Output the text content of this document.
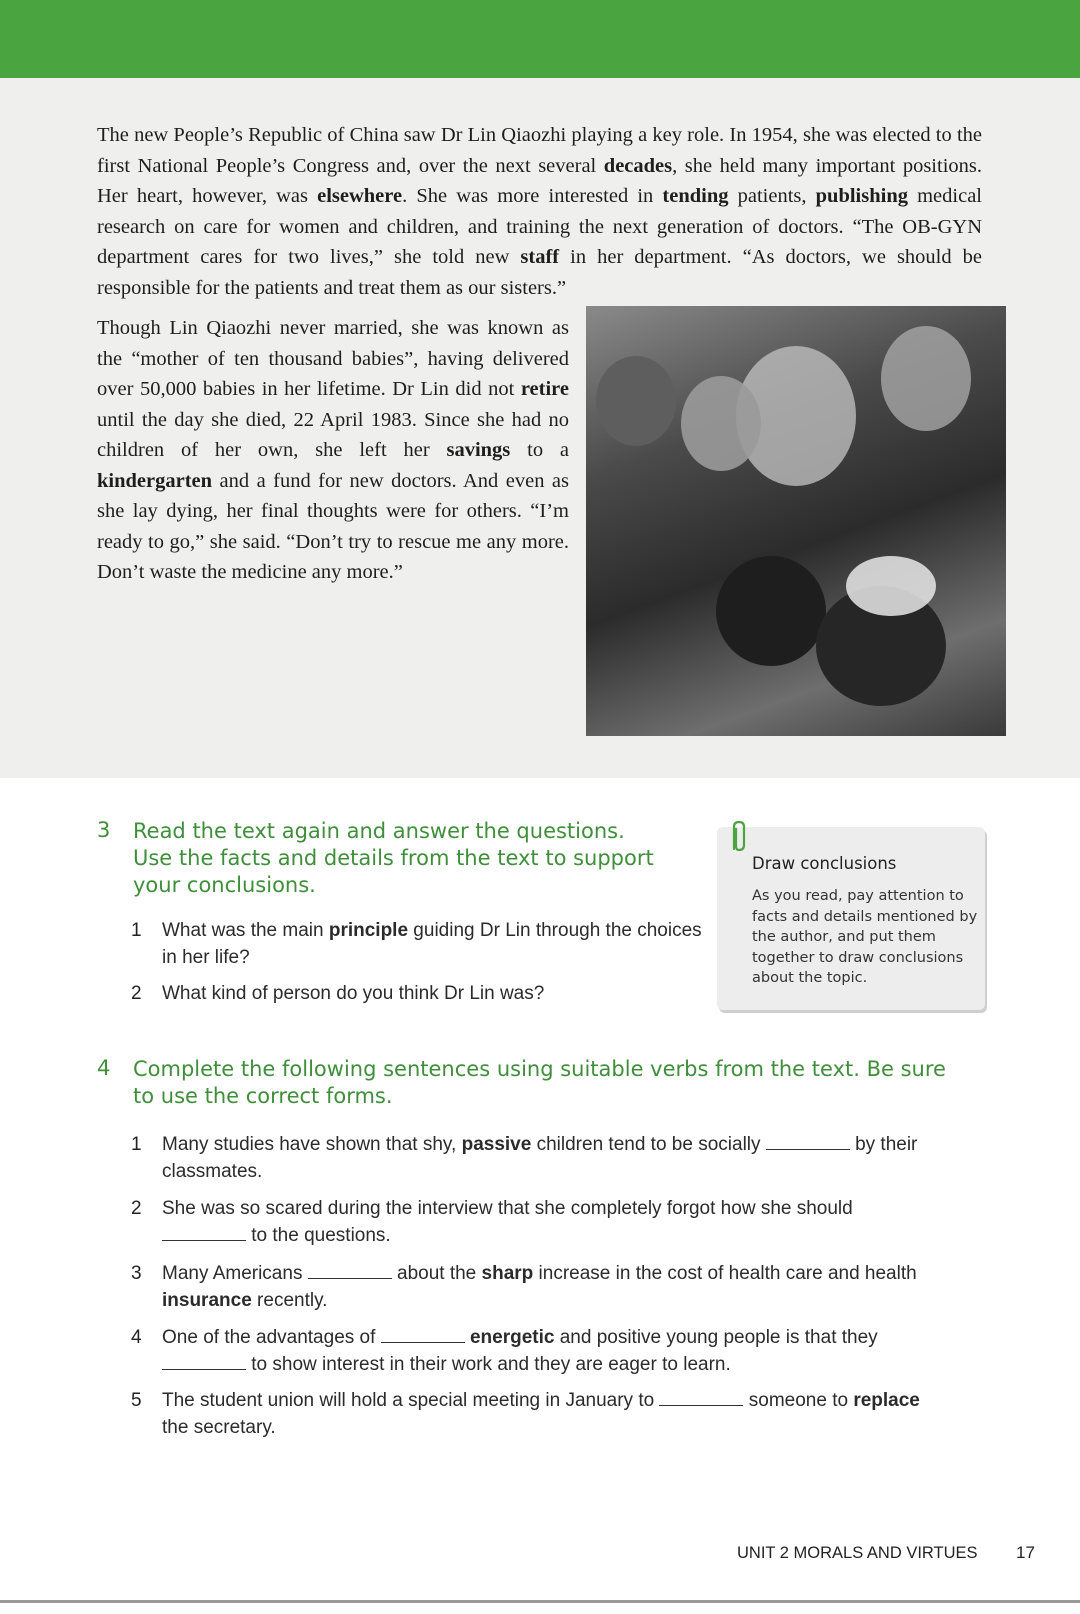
The new People’s Republic of China saw Dr Lin Qiaozhi playing a key role. In 1954, she was elected to the first National People’s Congress and, over the next several decades, she held many important positions. Her heart, however, was elsewhere. She was more interested in tending patients, publishing medical research on care for women and children, and training the next generation of doctors. “The OB-GYN department cares for two lives,” she told new staff in her department. “As doctors, we should be responsible for the patients and treat them as our sisters.”

Though Lin Qiaozhi never married, she was known as the “mother of ten thousand babies”, having delivered over 50,000 babies in her lifetime. Dr Lin did not retire until the day she died, 22 April 1983. Since she had no children of her own, she left her savings to a kindergarten and a fund for new doctors. And even as she lay dying, her final thoughts were for others. “I’m ready to go,” she said. “Don’t try to rescue me any more. Don’t waste the medicine any more.”

3 Read the text again and answer the questions.
Use the facts and details from the text to support
your conclusions.
1 What was the main principle guiding Dr Lin through the choices in her life?
2 What kind of person do you think Dr Lin was?
Draw conclusions
As you read, pay attention to facts and details mentioned by the author, and put them together to draw conclusions about the topic.
4 Complete the following sentences using suitable verbs from the text. Be sure
to use the correct forms.
1 Many studies have shown that shy, passive children tend to be socially	by their classmates.
2 She was so scared during the interview that she completely forgot how she should  to the questions.
3 Many Americans	about the sharp increase in the cost of health care and health insurance recently.
4 One of the advantages of	energetic and positive young people is that they  to show interest in their work and they are eager to learn.
5 The student union will hold a special meeting in January to	someone to replace the secretary.
UNIT 2 MORALS AND VIRTUES 17
